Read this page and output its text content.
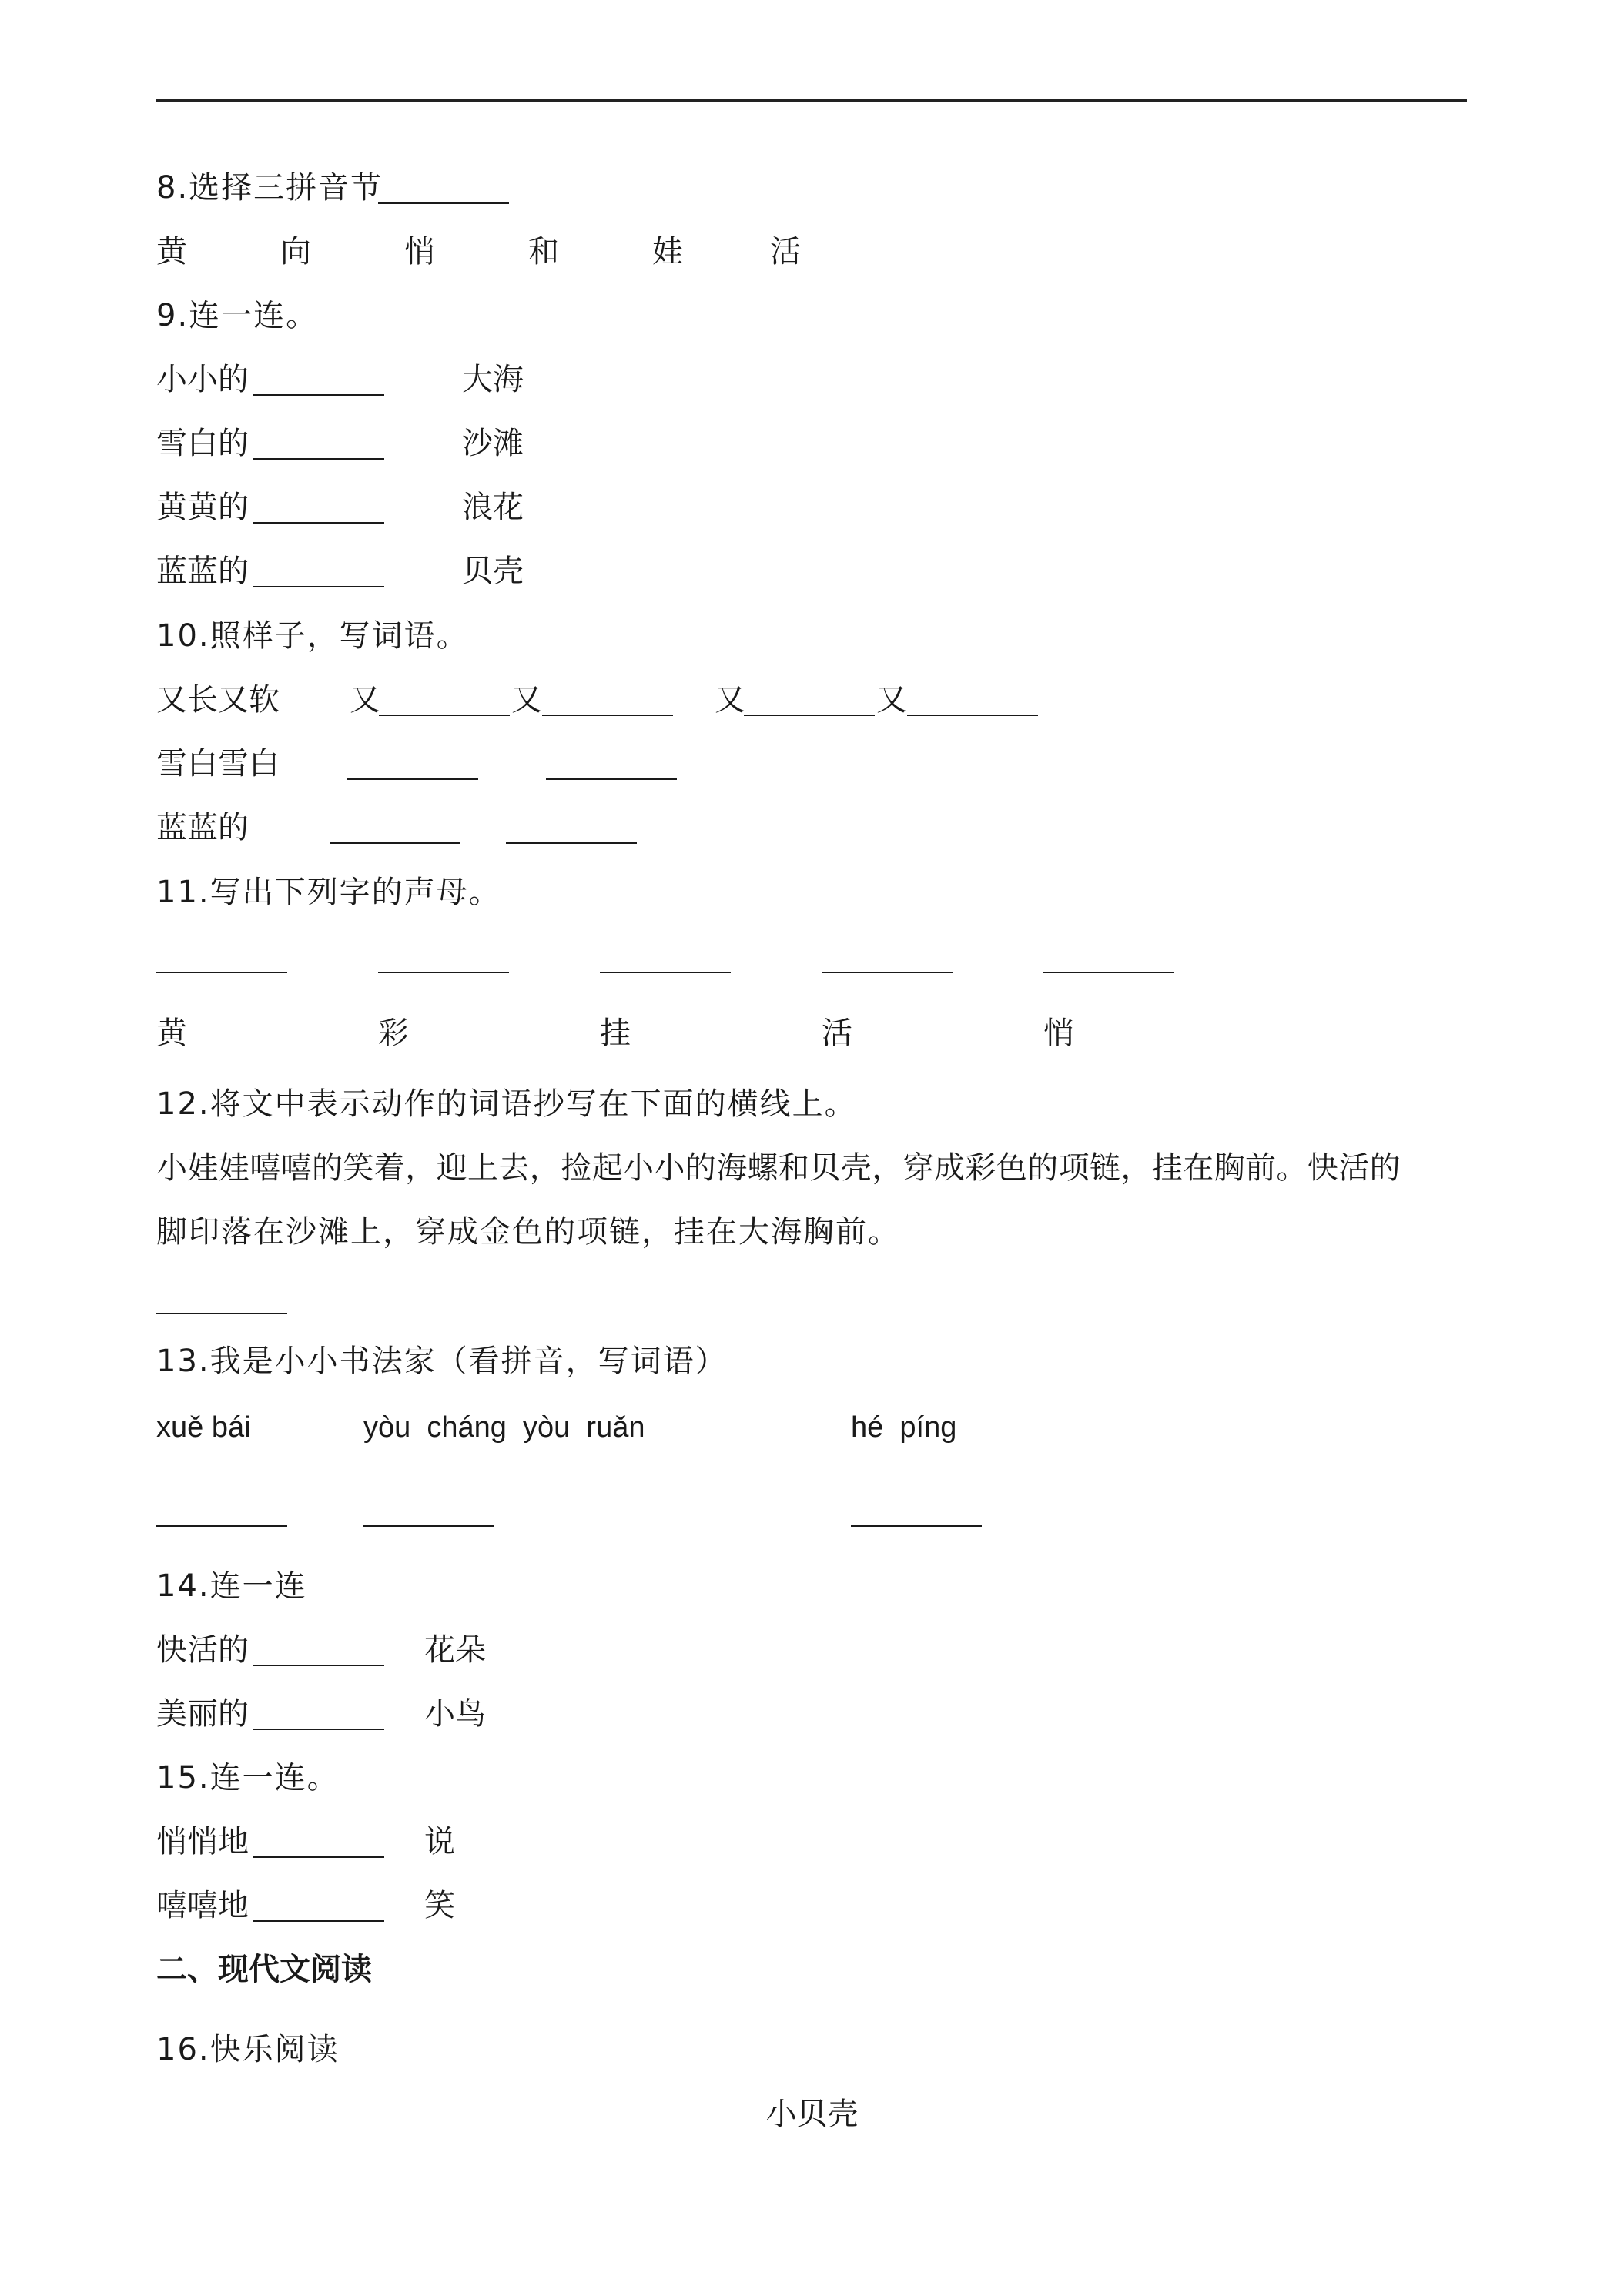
8.选择三拼音节
黄	向	悄	和	娃	活
9.连一连。
小小的	大海
雪白的	沙滩
黄黄的	浪花
蓝蓝的	贝壳
10.照样子，写词语。
又长又软 又	又	又	又
雪白雪白
蓝蓝的
11.写出下列字的声母。
黄	彩	挂	活	悄
12.将文中表示动作的词语抄写在下面的横线上。
小娃娃嘻嘻的笑着，迎上去，捡起小小的海螺和贝壳，穿成彩色的项链，挂在胸前。快活的
脚印落在沙滩上，穿成金色的项链，挂在大海胸前。
13.我是小小书法家（看拼音，写词语）
xuě bái	yòu  cháng  yòu  ruǎn	hé  píng
14.连一连
快活的	花朵
美丽的	小鸟
15.连一连。
悄悄地	说
嘻嘻地	笑
二、现代文阅读
16.快乐阅读
小贝壳
